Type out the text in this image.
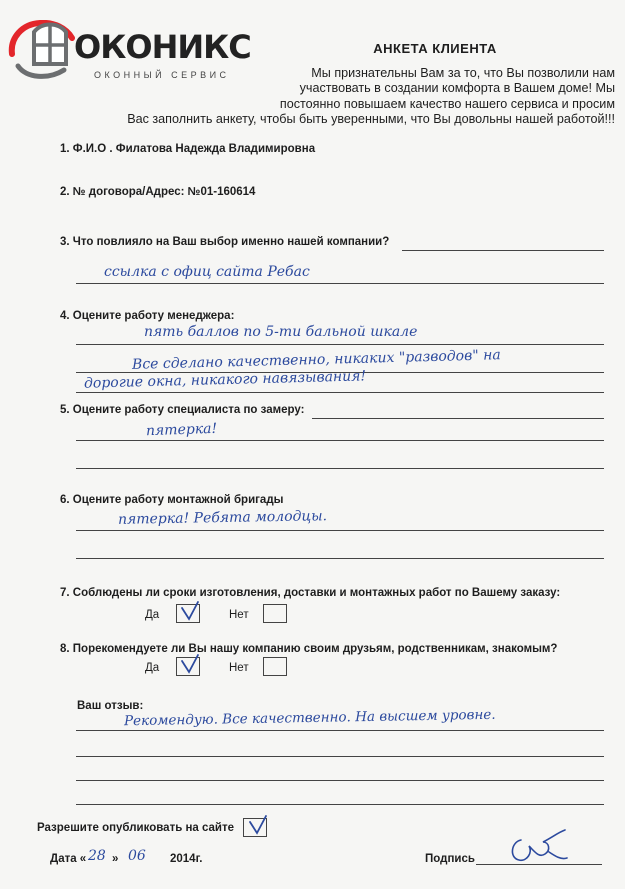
ОКОНИКС
ОКОННЫЙ СЕРВИС
АНКЕТА КЛИЕНТА
Мы признательны Вам за то, что Вы позволили нам
участвовать в создании комфорта в Вашем доме! Мы
постоянно повышаем качество нашего сервиса и просим
Вас заполнить анкету, чтобы быть уверенными, что Вы довольны нашей работой!!!
1. Ф.И.О . Филатова Надежда Владимировна
2. № договора/Адрес: №01-160614
3. Что повлияло на Ваш выбор именно нашей компании?
ссылка с офиц сайта Ребас
4. Оцените работу менеджера:
пять баллов по 5-ти бальной шкале
Все сделано качественно, никаких "разводов" на
дорогие окна, никакого навязывания!
5. Оцените работу специалиста по замеру:
пятерка!
6. Оцените работу монтажной бригады
пятерка! Ребята молодцы.
7. Соблюдены ли сроки изготовления, доставки и монтажных работ по Вашему заказу:
Да	Нет
8. Порекомендуете ли Вы нашу компанию своим друзьям, родственникам, знакомым?
Да	Нет
Ваш отзыв:
Рекомендую. Все качественно. На высшем уровне.
Разрешите опубликовать на сайте
Дата « 28 » 06 2014г.	Подпись
